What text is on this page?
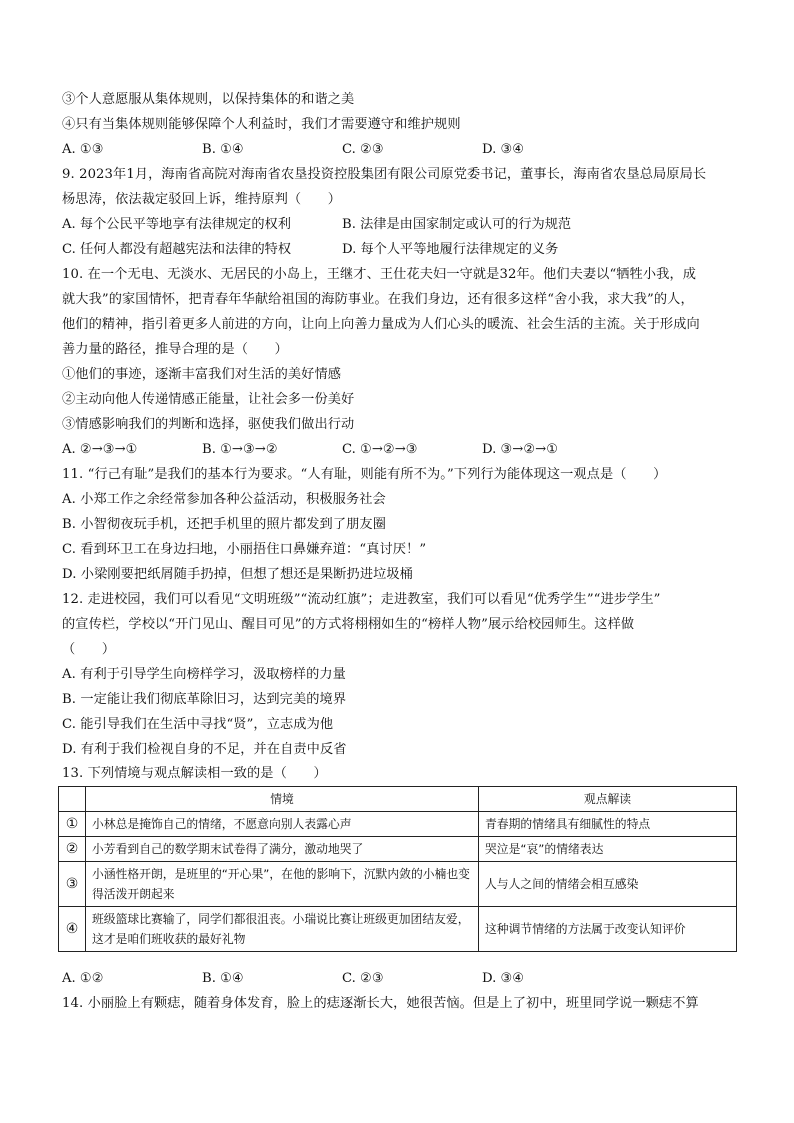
③个人意愿服从集体规则，以保持集体的和谐之美
④只有当集体规则能够保障个人利益时，我们才需要遵守和维护规则
A. ①③	B. ①④	C. ②③	D. ③④
9. 2023年1月，海南省高院对海南省农垦投资控股集团有限公司原党委书记，董事长，海南省农垦总局原局长
杨思涛，依法裁定驳回上诉，维持原判（　　）
A. 每个公民平等地享有法律规定的权利	B. 法律是由国家制定或认可的行为规范
C. 任何人都没有超越宪法和法律的特权	D. 每个人平等地履行法律规定的义务
10. 在一个无电、无淡水、无居民的小岛上，王继才、王仕花夫妇一守就是32年。他们夫妻以“牺牲小我，成
就大我”的家国情怀，把青春年华献给祖国的海防事业。在我们身边，还有很多这样“舍小我，求大我”的人，
他们的精神，指引着更多人前进的方向，让向上向善力量成为人们心头的暖流、社会生活的主流。关于形成向
善力量的路径，推导合理的是（　　）
①他们的事迹，逐渐丰富我们对生活的美好情感
②主动向他人传递情感正能量，让社会多一份美好
③情感影响我们的判断和选择，驱使我们做出行动
A. ②→③→①	B. ①→③→②	C. ①→②→③	D. ③→②→①
11. “行己有耻”是我们的基本行为要求。“人有耻，则能有所不为。”下列行为能体现这一观点是（　　）
A. 小郑工作之余经常参加各种公益活动，积极服务社会
B. 小智彻夜玩手机，还把手机里的照片都发到了朋友圈
C. 看到环卫工在身边扫地，小丽捂住口鼻嫌弃道：“真讨厌！”
D. 小梁刚要把纸屑随手扔掉，但想了想还是果断扔进垃圾桶
12. 走进校园，我们可以看见“文明班级”“流动红旗”；走进教室，我们可以看见“优秀学生”“进步学生”
的宣传栏，学校以“开门见山、醒目可见”的方式将栩栩如生的“榜样人物”展示给校园师生。这样做
（　　）
A. 有利于引导学生向榜样学习，汲取榜样的力量
B. 一定能让我们彻底革除旧习，达到完美的境界
C. 能引导我们在生活中寻找“贤”，立志成为他
D. 有利于我们检视自身的不足，并在自责中反省
13. 下列情境与观点解读相一致的是（　　）
	情境	观点解读
①	小林总是掩饰自己的情绪，不愿意向别人表露心声	青春期的情绪具有细腻性的特点
②	小芳看到自己的数学期末试卷得了满分，激动地哭了	哭泣是“哀”的情绪表达
③	小涵性格开朗，是班里的“开心果”，在他的影响下，沉默内敛的小楠也变得活泼开朗起来	人与人之间的情绪会相互感染
④	班级篮球比赛输了，同学们都很沮丧。小瑞说比赛让班级更加团结友爱，这才是咱们班收获的最好礼物	这种调节情绪的方法属于改变认知评价
A. ①②	B. ①④	C. ②③	D. ③④
14. 小丽脸上有颗痣，随着身体发育，脸上的痣逐渐长大，她很苦恼。但是上了初中，班里同学说一颗痣不算
